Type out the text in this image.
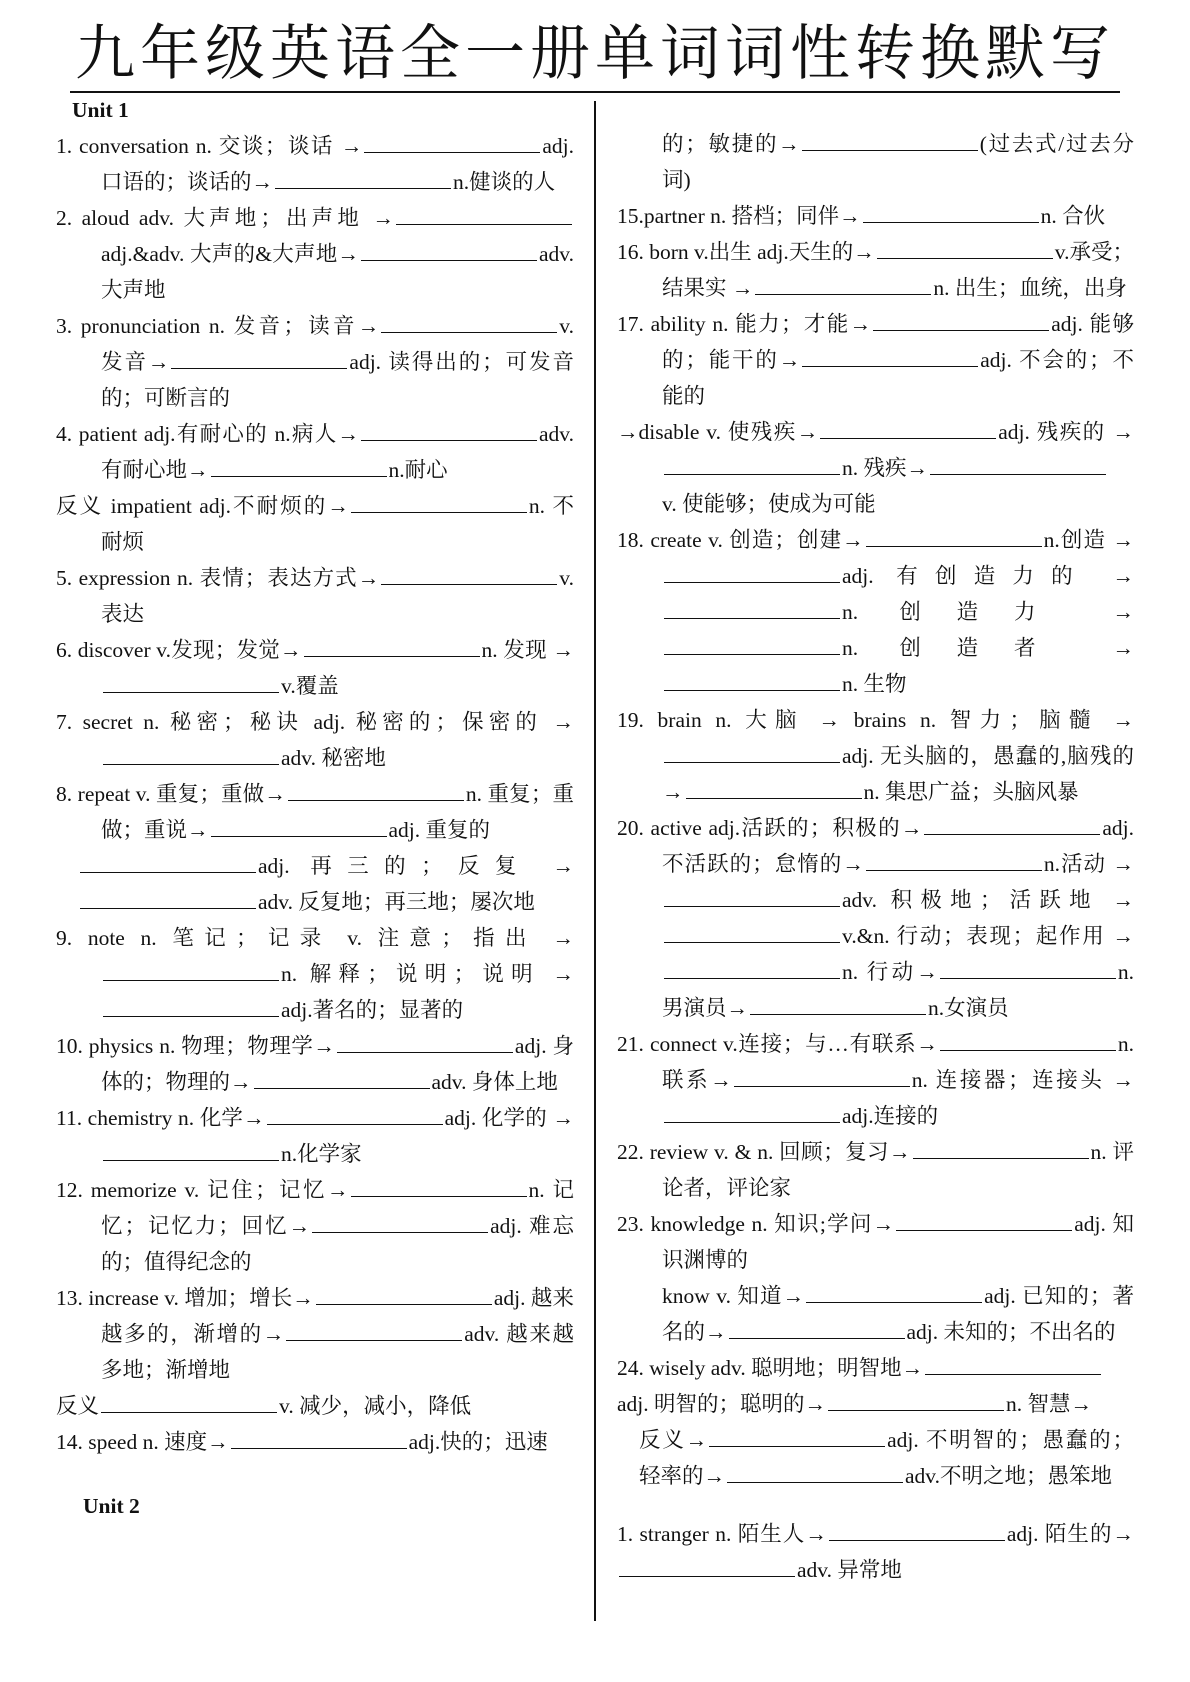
九年级英语全一册单词词性转换默写
Unit 1

1. conversation n. 交谈；谈话 →	adj. 口语的；谈话的→	n.健谈的人

2. aloud adv. 大声地；出声地 →adj.&adv. 大声的&大声地→	adv. 大声地

3. pronunciation n. 发音；读音→	v. 发音→	adj. 读得出的；可发音的；可断言的

4. patient adj.有耐心的 n.病人→	adv. 有耐心地→	n.耐心

反义 impatient adj.不耐烦的→	n. 不耐烦

5. expression n. 表情；表达方式→	v. 表达

6. discover v.发现；发觉→	n. 发现 →v.覆盖

7. secret n. 秘密；秘诀 adj. 秘密的；保密的 →adv. 秘密地

8. repeat v. 重复；重做→	n. 重复；重做；重说→	adj. 重复的

adj. 再三的；反复 →adv. 反复地；再三地；屡次地

9. note n. 笔记；记录 v. 注意；指出 →n. 解释；说明；说明 →adj.著名的；显著的

10. physics n. 物理；物理学→	adj. 身体的；物理的→	adv. 身体上地

11. chemistry n. 化学→	adj. 化学的 →n.化学家

12. memorize v. 记住；记忆→	n. 记忆；记忆力；回忆→	adj. 难忘的；值得纪念的

13. increase v. 增加；增长→	adj. 越来越多的，渐增的→	adv. 越来越多地；渐增地

反义	v. 减少，减小，降低

14. speed n. 速度→	adj.快的；迅速

Unit 2

的；敏捷的→	(过去式/过去分词)

15.partner n. 搭档；同伴→	n. 合伙

16. born v.出生 adj.天生的→	v.承受；结果实 →	n. 出生；血统，出身

17. ability n. 能力；才能→	adj. 能够的；能干的→	adj. 不会的；不能的

→disable v. 使残疾→	adj. 残疾的 →n. 残疾→

v. 使能够；使成为可能

18. create v. 创造；创建→	n.创造 →adj. 有创造力的 →n. 创造力 →n. 创造者 →n. 生物

19. brain n. 大脑 → brains n. 智力；脑髓 →adj. 无头脑的，愚蠢的,脑残的→	n. 集思广益；头脑风暴

20. active adj.活跃的；积极的→	adj. 不活跃的；怠惰的→	n.活动 →adv. 积极地；活跃地 →v.&n. 行动；表现；起作用 →n. 行动→	n.男演员→	n.女演员

21. connect v.连接；与…有联系→	n. 联系→	n. 连接器；连接头 →adj.连接的

22. review v. & n. 回顾；复习→	n. 评论者，评论家

23. knowledge n. 知识;学问→	adj. 知识渊博的

know v. 知道→	adj. 已知的；著名的→	adj. 未知的；不出名的

24. wisely adv. 聪明地；明智地→

adj. 明智的；聪明的→	n. 智慧→

反义→	adj. 不明智的；愚蠢的；轻率的→	adv.不明之地；愚笨地

1. stranger n. 陌生人→	adj. 陌生的→adv. 异常地
